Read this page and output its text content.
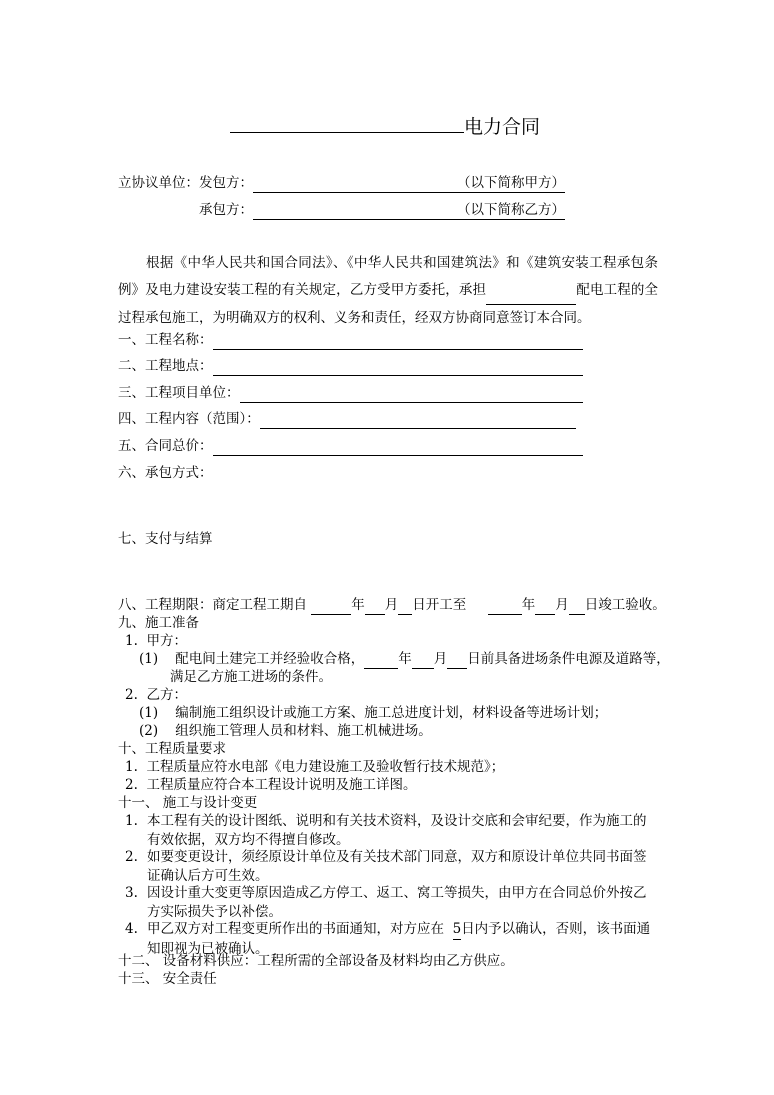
电力合同
立协议单位：发包方：	（以下简称甲方）
承包方：	（以下简称乙方）
根据《中华人民共和国合同法》、《中华人民共和国建筑法》和《建筑安装工程承包条例》及电力建设安装工程的有关规定，乙方受甲方委托，承担	配电工程的全过程承包施工，为明确双方的权利、义务和责任，经双方协商同意签订本合同。
一、工程名称：
二、工程地点：
三、工程项目单位：
四、工程内容（范围）：
五、合同总价：
六、承包方式：
七、支付与结算
八、工程期限：商定工程工期自	年 月 日开工至	年 月 日竣工验收。
九、施工准备
1. 甲方：
(1) 配电间土建完工并经验收合格，	年 月 日前具备进场条件电源及道路等，
满足乙方施工进场的条件。
2. 乙方：
(1) 编制施工组织设计或施工方案、施工总进度计划，材料设备等进场计划；
(2) 组织施工管理人员和材料、施工机械进场。
十、工程质量要求
1. 工程质量应符水电部《电力建设施工及验收暂行技术规范》；
2. 工程质量应符合本工程设计说明及施工详图。
十一、 施工与设计变更
1. 本工程有关的设计图纸、说明和有关技术资料，及设计交底和会审纪要，作为施工的有效依据，双方均不得擅自修改。
2. 如要变更设计，须经原设计单位及有关技术部门同意，双方和原设计单位共同书面签证确认后方可生效。
3. 因设计重大变更等原因造成乙方停工、返工、窝工等损失，由甲方在合同总价外按乙方实际损失予以补偿。
4. 甲乙双方对工程变更所作出的书面通知，对方应在 5日内予以确认，否则，该书面通知即视为已被确认。
十二、 设备材料供应：工程所需的全部设备及材料均由乙方供应。
十三、 安全责任
